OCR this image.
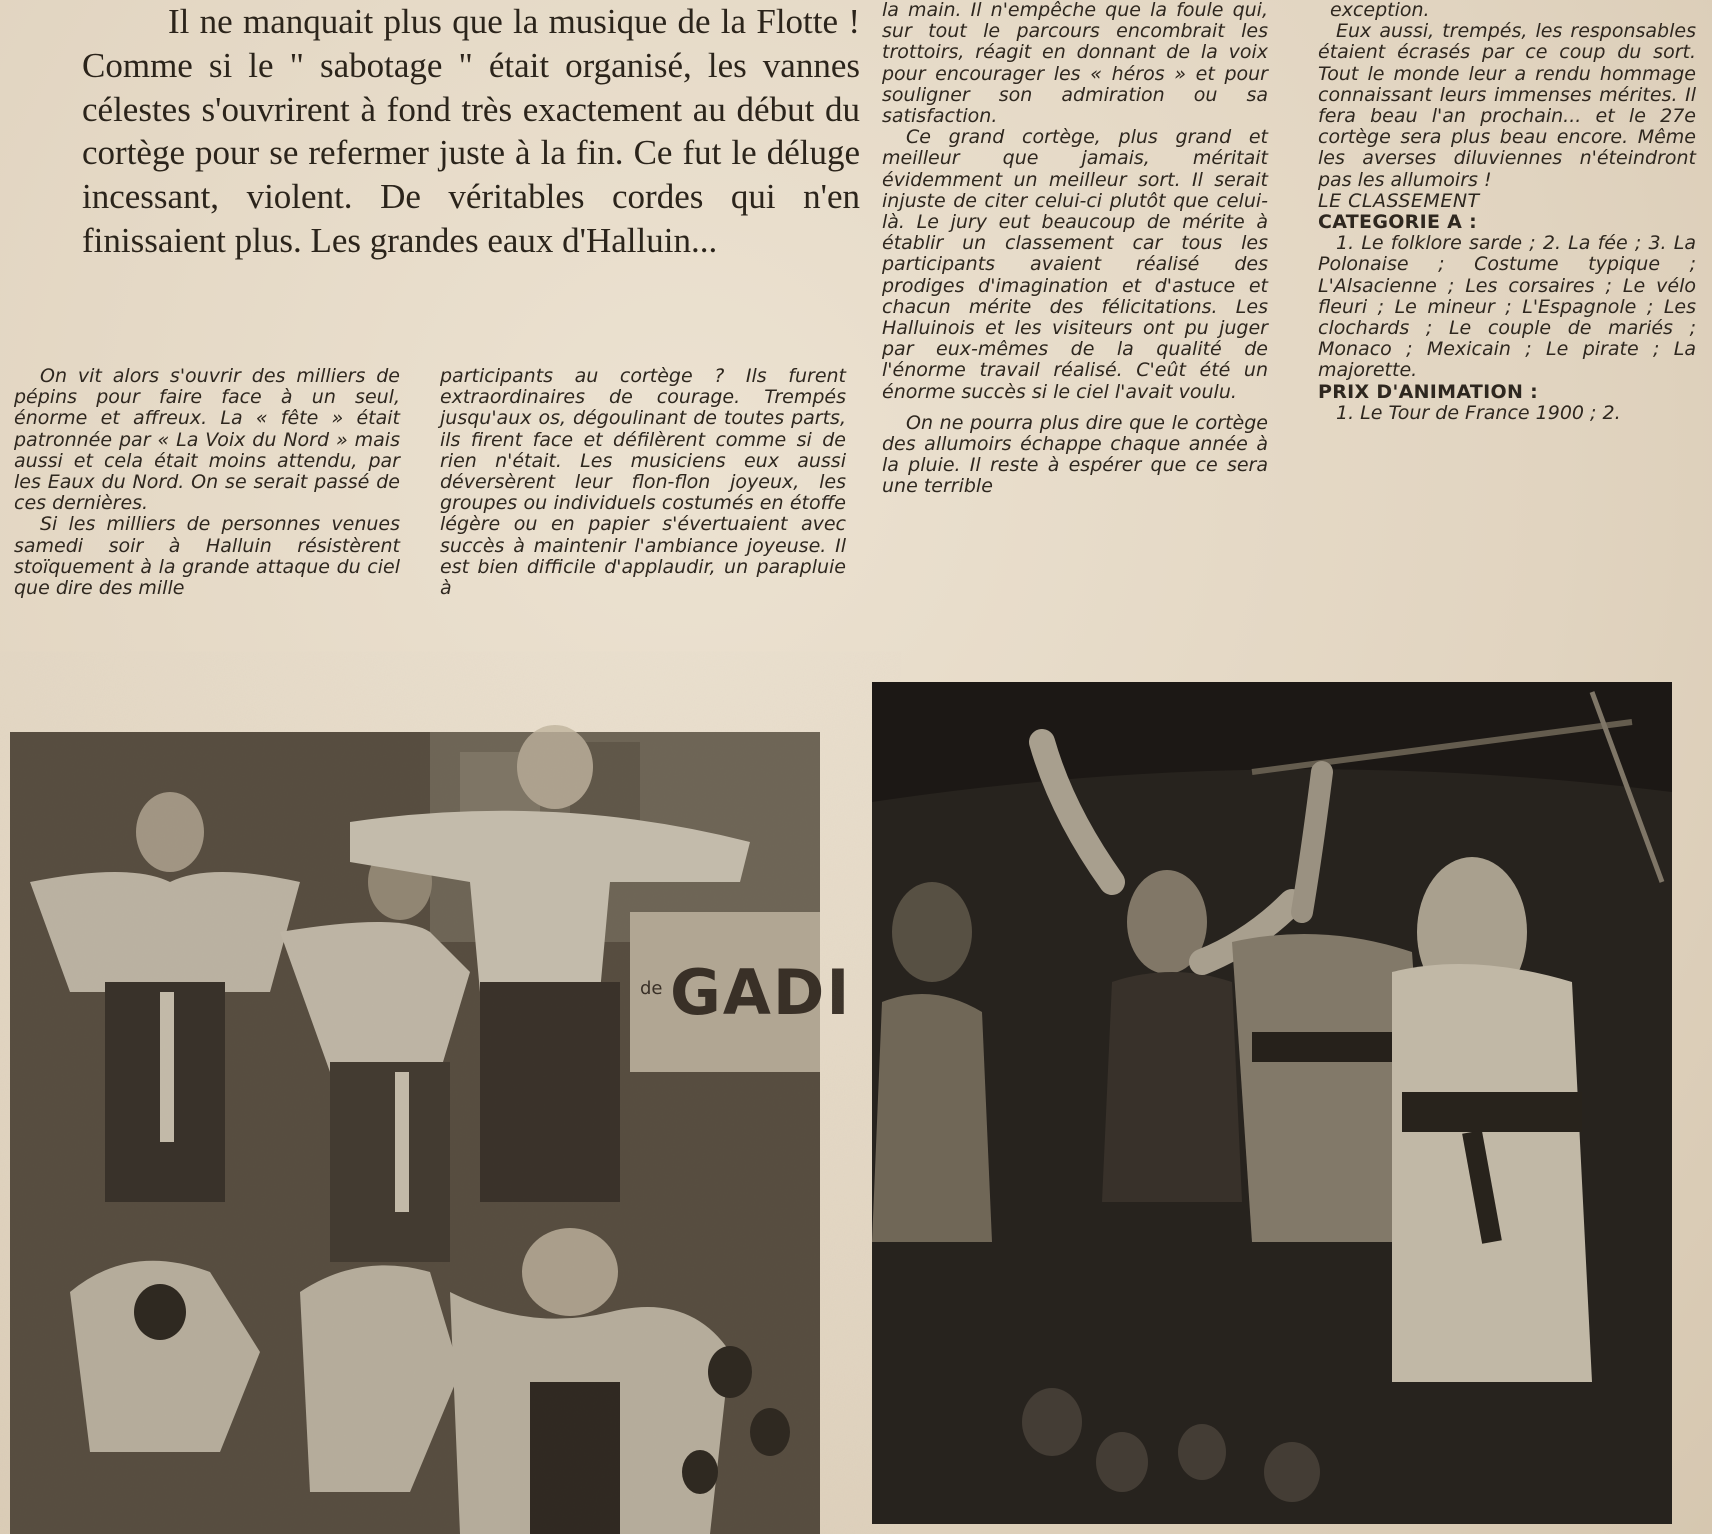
Il ne manquait plus que la musique de la Flotte ! Comme si le " sabotage " était organisé, les vannes célestes s'ouvrirent à fond très exactement au début du cortège pour se refermer juste à la fin. Ce fut le déluge incessant, violent. De véritables cordes qui n'en finissaient plus. Les grandes eaux d'Halluin...

On vit alors s'ouvrir des milliers de pépins pour faire face à un seul, énorme et affreux. La « fête » était patronnée par « La Voix du Nord » mais aussi et cela était moins attendu, par les Eaux du Nord. On se serait passé de ces dernières.

Si les milliers de personnes venues samedi soir à Halluin résistèrent stoïquement à la grande attaque du ciel que dire des mille

participants au cortège ? Ils furent extraordinaires de courage. Trempés jusqu'aux os, dégoulinant de toutes parts, ils firent face et défilèrent comme si de rien n'était. Les musiciens eux aussi déversèrent leur flon-flon joyeux, les groupes ou individuels costumés en étoffe légère ou en papier s'évertuaient avec succès à maintenir l'ambiance joyeuse. Il est bien difficile d'applaudir, un parapluie à

la main. Il n'empêche que la foule qui, sur tout le parcours encombrait les trottoirs, réagit en donnant de la voix pour encourager les « héros » et pour souligner son admiration ou sa satisfaction.

Ce grand cortège, plus grand et meilleur que jamais, méritait évidemment un meilleur sort. Il serait injuste de citer celui-ci plutôt que celui-là. Le jury eut beaucoup de mérite à établir un classement car tous les participants avaient réalisé des prodiges d'imagination et d'astuce et chacun mérite des félicitations. Les Halluinois et les visiteurs ont pu juger par eux-mêmes de la qualité de l'énorme travail réalisé. C'eût été un énorme succès si le ciel l'avait voulu.

On ne pourra plus dire que le cortège des allumoirs échappe chaque année à la pluie. Il reste à espérer que ce sera une terrible

exception.

Eux aussi, trempés, les responsables étaient écrasés par ce coup du sort. Tout le monde leur a rendu hommage connaissant leurs immenses mérites. Il fera beau l'an prochain... et le 27e cortège sera plus beau encore. Même les averses diluviennes n'éteindront pas les allumoirs !

LE CLASSEMENT

CATEGORIE A :

1. Le folklore sarde ; 2. La fée ; 3. La Polonaise ; Costume typique ; L'Alsacienne ; Les corsaires ; Le vélo fleuri ; Le mineur ; L'Espagnole ; Les clochards ; Le couple de mariés ; Monaco ; Mexicain ; Le pirate ; La majorette.

PRIX D'ANIMATION :

1. Le Tour de France 1900 ; 2.

de GADI
